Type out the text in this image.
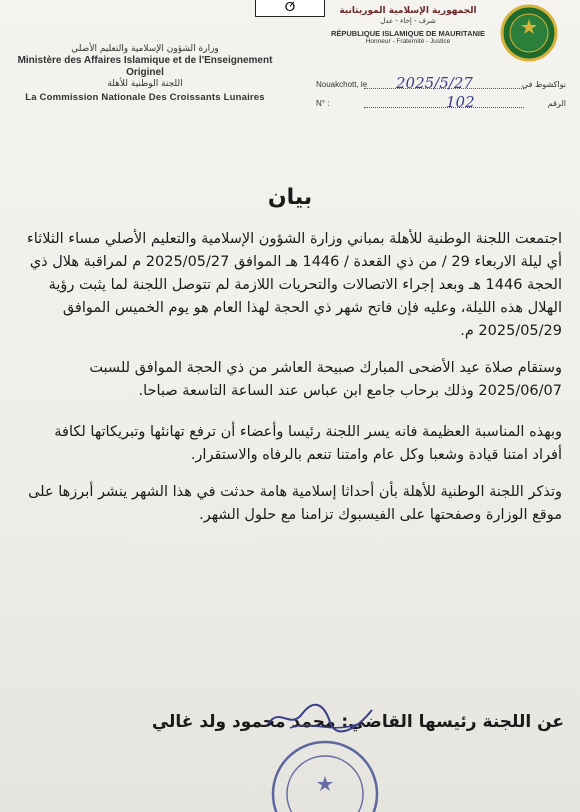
ⵚ
وزارة الشؤون الإسلامية والتعليم الأصلي
Ministère des Affaires Islamique et de l'Enseignement
Originel
اللجنة الوطنية للأهلة
La Commission Nationale Des Croissants Lunaires
الجمهورية الإسلامية الموريتانية
شرف - إخاء - عدل
RÉPUBLIQUE ISLAMIQUE DE MAURITANIE
Honneur - Fraternité - Justice
Nouakchott, le 2025/5/27	نواكشوط في
N° :	102	الرقم
بيان

اجتمعت اللجنة الوطنية للأهلة بمباني وزارة الشؤون الإسلامية والتعليم الأصلي مساء الثلاثاء أي ليلة الاربعاء 29 / من ذي القعدة / 1446 هـ الموافق 2025/05/27 م لمراقبة هلال ذي الحجة 1446 هـ وبعد إجراء الاتصالات والتحريات اللازمة لم تتوصل اللجنة لما يثبت رؤية الهلال هذه الليلة، وعليه فإن فاتح شهر ذي الحجة لهذا العام هو يوم الخميس الموافق 2025/05/29 م.

وستقام صلاة عيد الأضحى المبارك صبيحة العاشر من ذي الحجة الموافق للسبت 2025/06/07 وذلك برحاب جامع ابن عباس عند الساعة التاسعة صباحا.

وبهذه المناسبة العظيمة فانه يسر اللجنة رئيسا وأعضاء أن ترفع تهانئها وتبريكاتها لكافة أفراد امتنا قيادة وشعبا وكل عام وامتنا تنعم بالرفاه والاستقرار.

وتذكر اللجنة الوطنية للأهلة بأن أحداثا إسلامية هامة حدثت في هذا الشهر ينشر أبرزها على موقع الوزارة وصفحتها على الفيسبوك تزامنا مع حلول الشهر.

عن اللجنة رئيسها القاضي: محمد محمود ولد غالي
